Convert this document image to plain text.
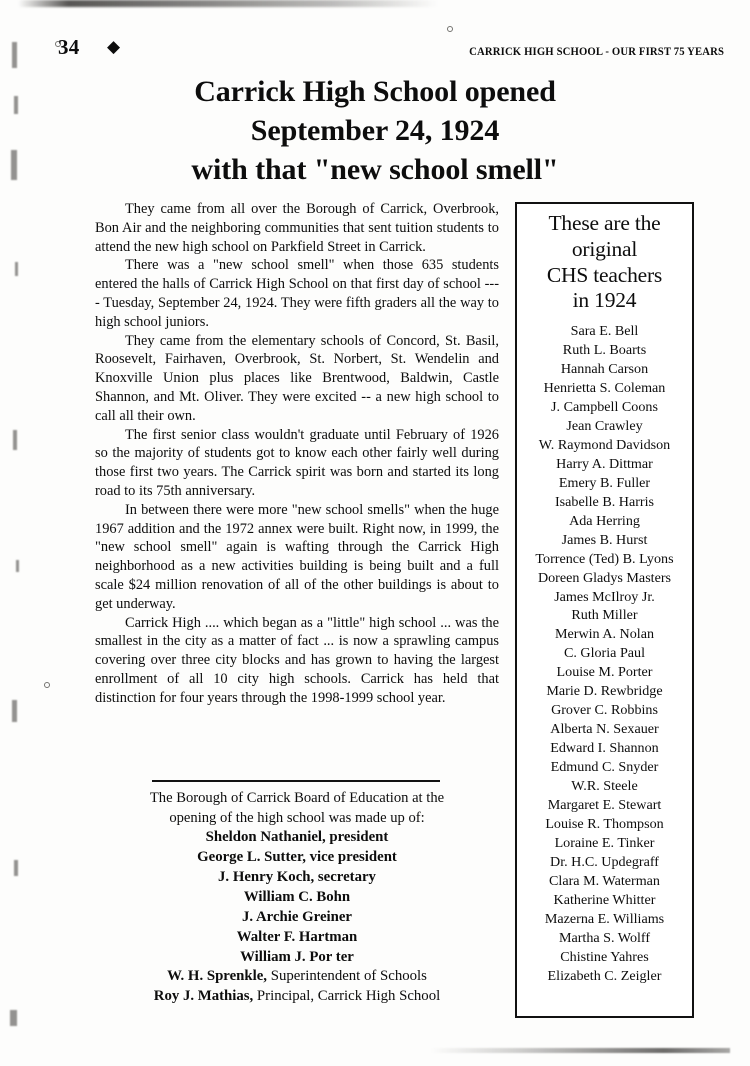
34 ◆	CARRICK HIGH SCHOOL - OUR FIRST 75 YEARS
Carrick High School opened
September 24, 1924
with that "new school smell"

They came from all over the Borough of Carrick, Overbrook, Bon Air and the neighboring communities that sent tuition students to attend the new high school on Parkfield Street in Carrick.

There was a "new school smell" when those 635 students entered the halls of Carrick High School on that first day of school ---- Tuesday, September 24, 1924. They were fifth graders all the way to high school juniors.

They came from the elementary schools of Concord, St. Basil, Roosevelt, Fairhaven, Overbrook, St. Norbert, St. Wendelin and Knoxville Union plus places like Brentwood, Baldwin, Castle Shannon, and Mt. Oliver. They were excited -- a new high school to call all their own.

The first senior class wouldn't graduate until February of 1926 so the majority of students got to know each other fairly well during those first two years. The Carrick spirit was born and started its long road to its 75th anniversary.

In between there were more "new school smells" when the huge 1967 addition and the 1972 annex were built. Right now, in 1999, the "new school smell" again is wafting through the Carrick High neighborhood as a new activities building is being built and a full scale $24 million renovation of all of the other buildings is about to get underway.

Carrick High .... which began as a "little" high school ... was the smallest in the city as a matter of fact ... is now a sprawling campus covering over three city blocks and has grown to having the largest enrollment of all 10 city high schools. Carrick has held that distinction for four years through the 1998-1999 school year.

The Borough of Carrick Board of Education at the
opening of the high school was made up of:
Sheldon Nathaniel, president
George L. Sutter, vice president
J. Henry Koch, secretary
William C. Bohn
J. Archie Greiner
Walter F. Hartman
William J. Por ter
W. H. Sprenkle, Superintendent of Schools
Roy J. Mathias, Principal, Carrick High School
These are the
original
CHS teachers
in 1924
Sara E. Bell
Ruth L. Boarts
Hannah Carson
Henrietta S. Coleman
J. Campbell Coons
Jean Crawley
W. Raymond Davidson
Harry A. Dittmar
Emery B. Fuller
Isabelle B. Harris
Ada Herring
James B. Hurst
Torrence (Ted) B. Lyons
Doreen Gladys Masters
James McIlroy Jr.
Ruth Miller
Merwin A. Nolan
C. Gloria Paul
Louise M. Porter
Marie D. Rewbridge
Grover C. Robbins
Alberta N. Sexauer
Edward I. Shannon
Edmund C. Snyder
W.R. Steele
Margaret E. Stewart
Louise R. Thompson
Loraine E. Tinker
Dr. H.C. Updegraff
Clara M. Waterman
Katherine Whitter
Mazerna E. Williams
Martha S. Wolff
Chistine Yahres
Elizabeth C. Zeigler
